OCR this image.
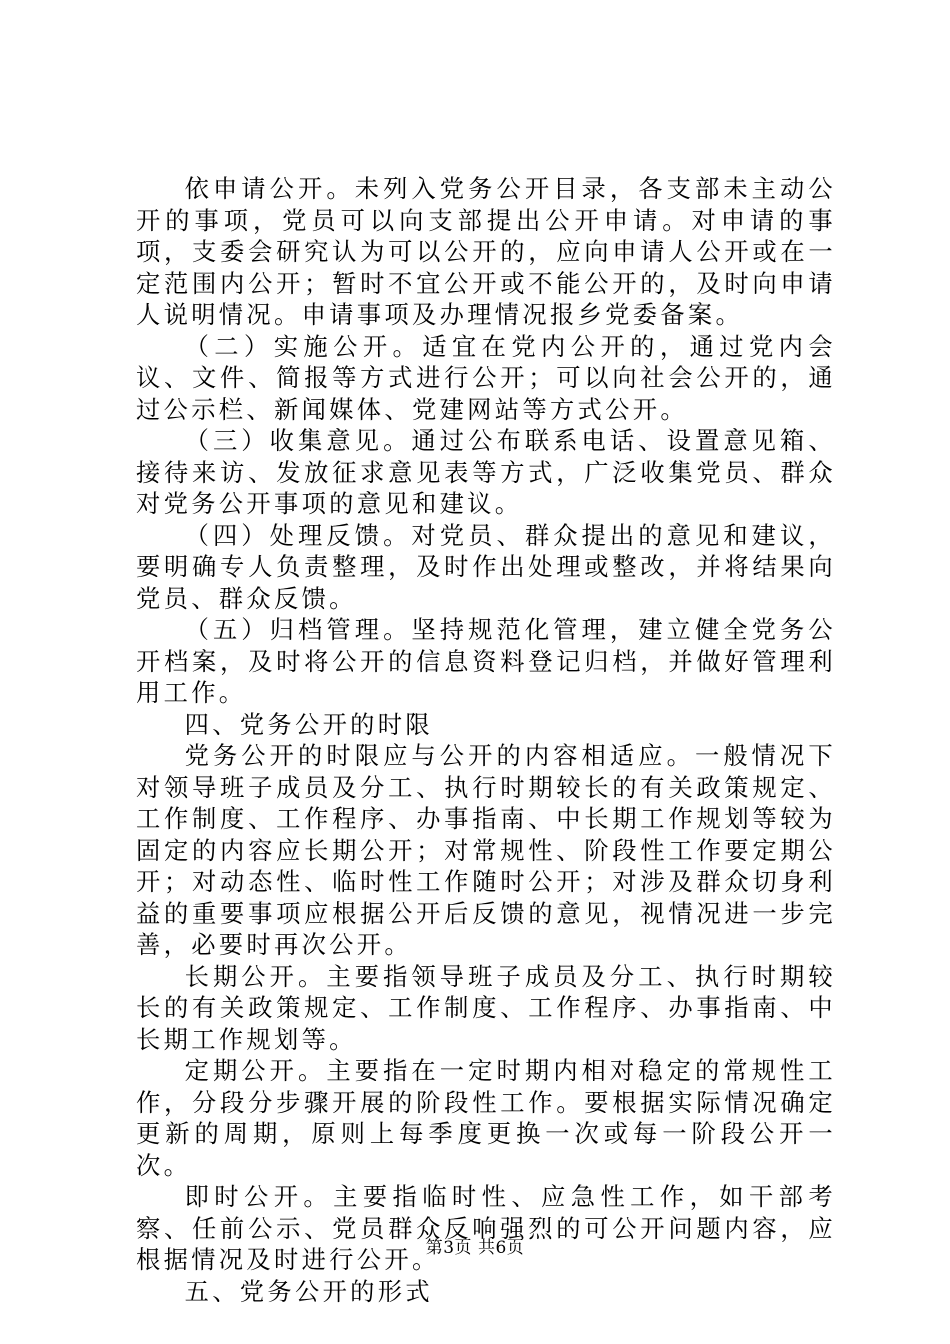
依申请公开。未列入党务公开目录，各支部未主动公开的事项，党员可以向支部提出公开申请。对申请的事项，支委会研究认为可以公开的，应向申请人公开或在一定范围内公开；暂时不宜公开或不能公开的，及时向申请人说明情况。申请事项及办理情况报乡党委备案。

（二）实施公开。适宜在党内公开的，通过党内会议、文件、简报等方式进行公开；可以向社会公开的，通过公示栏、新闻媒体、党建网站等方式公开。

（三）收集意见。通过公布联系电话、设置意见箱、接待来访、发放征求意见表等方式，广泛收集党员、群众对党务公开事项的意见和建议。

（四）处理反馈。对党员、群众提出的意见和建议，要明确专人负责整理，及时作出处理或整改，并将结果向党员、群众反馈。

（五）归档管理。坚持规范化管理，建立健全党务公开档案，及时将公开的信息资料登记归档，并做好管理利用工作。

四、党务公开的时限

党务公开的时限应与公开的内容相适应。一般情况下对领导班子成员及分工、执行时期较长的有关政策规定、工作制度、工作程序、办事指南、中长期工作规划等较为固定的内容应长期公开；对常规性、阶段性工作要定期公开；对动态性、临时性工作随时公开；对涉及群众切身利益的重要事项应根据公开后反馈的意见，视情况进一步完善，必要时再次公开。

长期公开。主要指领导班子成员及分工、执行时期较长的有关政策规定、工作制度、工作程序、办事指南、中长期工作规划等。

定期公开。主要指在一定时期内相对稳定的常规性工作，分段分步骤开展的阶段性工作。要根据实际情况确定更新的周期，原则上每季度更换一次或每一阶段公开一次。

即时公开。主要指临时性、应急性工作，如干部考察、任前公示、党员群众反响强烈的可公开问题内容，应根据情况及时进行公开。

五、党务公开的形式

第3页 共6页
